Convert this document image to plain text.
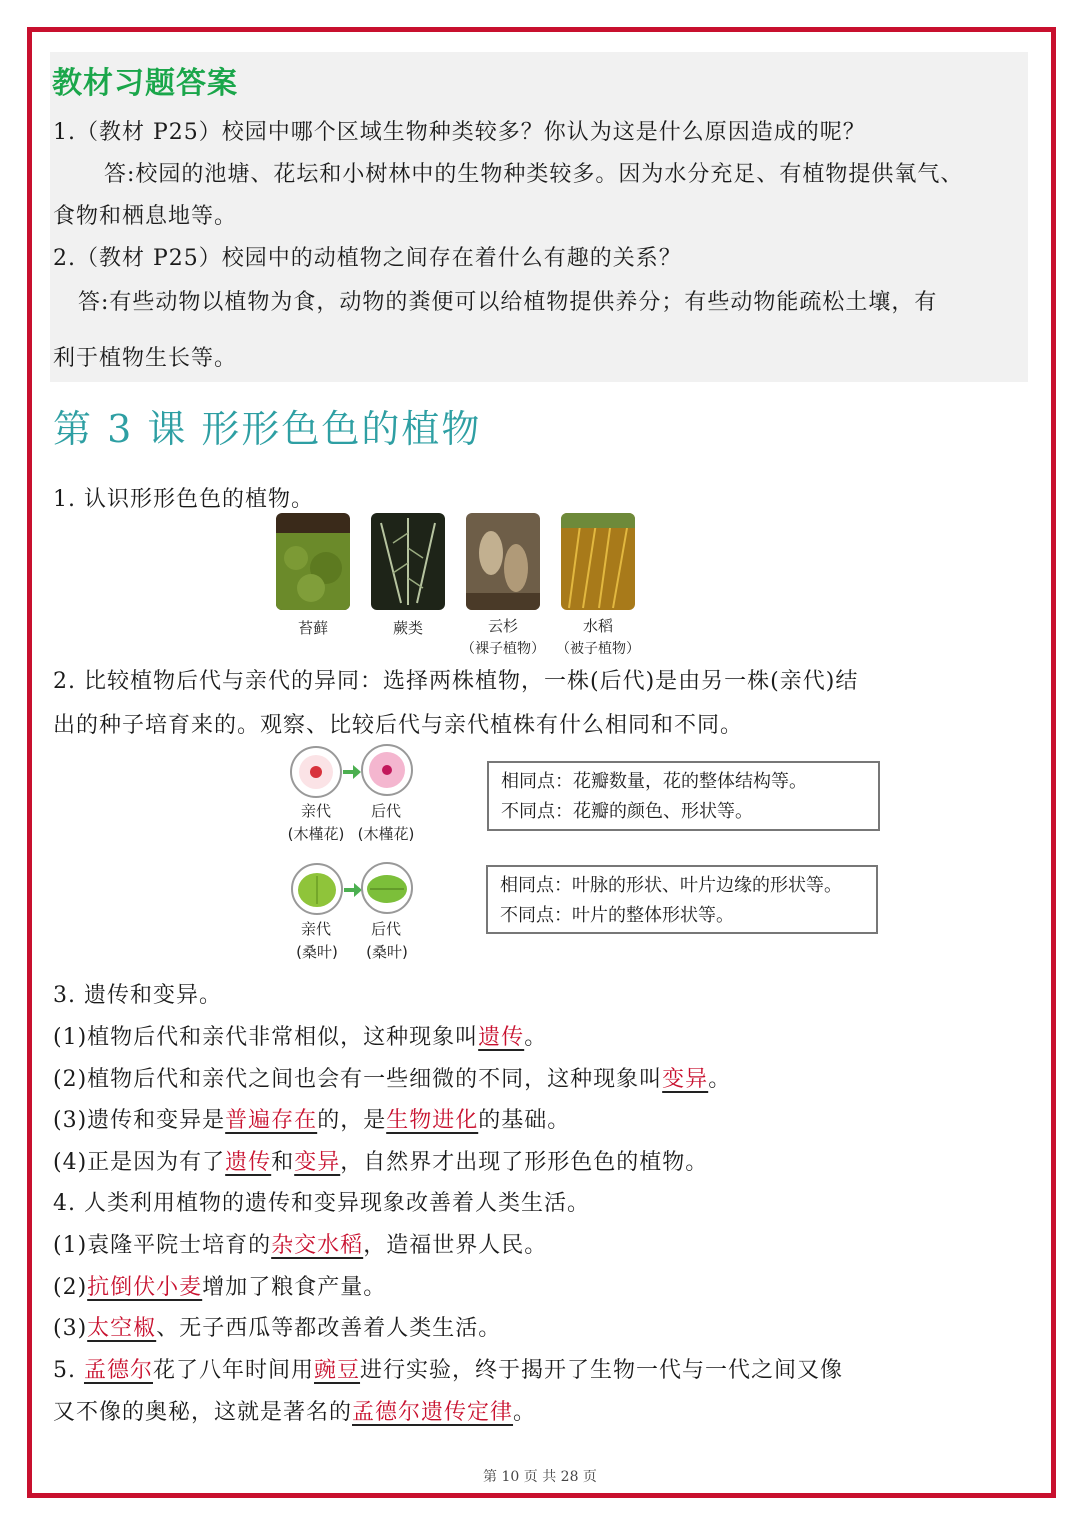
教材习题答案
1.（教材 P25）校园中哪个区域生物种类较多？你认为这是什么原因造成的呢？
答:校园的池塘、花坛和小树林中的生物种类较多。因为水分充足、有植物提供氧气、
食物和栖息地等。
2.（教材 P25）校园中的动植物之间存在着什么有趣的关系？
答:有些动物以植物为食，动物的粪便可以给植物提供养分；有些动物能疏松土壤，有
利于植物生长等。
第 3 课 形形色色的植物
1. 认识形形色色的植物。
苔藓	蕨类	云杉	水稻
（裸子植物） （被子植物）
2. 比较植物后代与亲代的异同：选择两株植物，一株(后代)是由另一株(亲代)结
出的种子培育来的。观察、比较后代与亲代植株有什么相同和不同。
亲代	后代
(木槿花) (木槿花)
相同点：花瓣数量，花的整体结构等。
不同点：花瓣的颜色、形状等。
亲代	后代
(桑叶)	(桑叶)
相同点：叶脉的形状、叶片边缘的形状等。
不同点：叶片的整体形状等。
3. 遗传和变异。
(1)植物后代和亲代非常相似，这种现象叫遗传。
(2)植物后代和亲代之间也会有一些细微的不同，这种现象叫变异。
(3)遗传和变异是普遍存在的，是生物进化的基础。
(4)正是因为有了遗传和变异，自然界才出现了形形色色的植物。
4. 人类利用植物的遗传和变异现象改善着人类生活。
(1)袁隆平院士培育的杂交水稻，造福世界人民。
(2)抗倒伏小麦增加了粮食产量。
(3)太空椒、无子西瓜等都改善着人类生活。
5. 孟德尔花了八年时间用豌豆进行实验，终于揭开了生物一代与一代之间又像
又不像的奥秘，这就是著名的孟德尔遗传定律。
第 10 页 共 28 页
